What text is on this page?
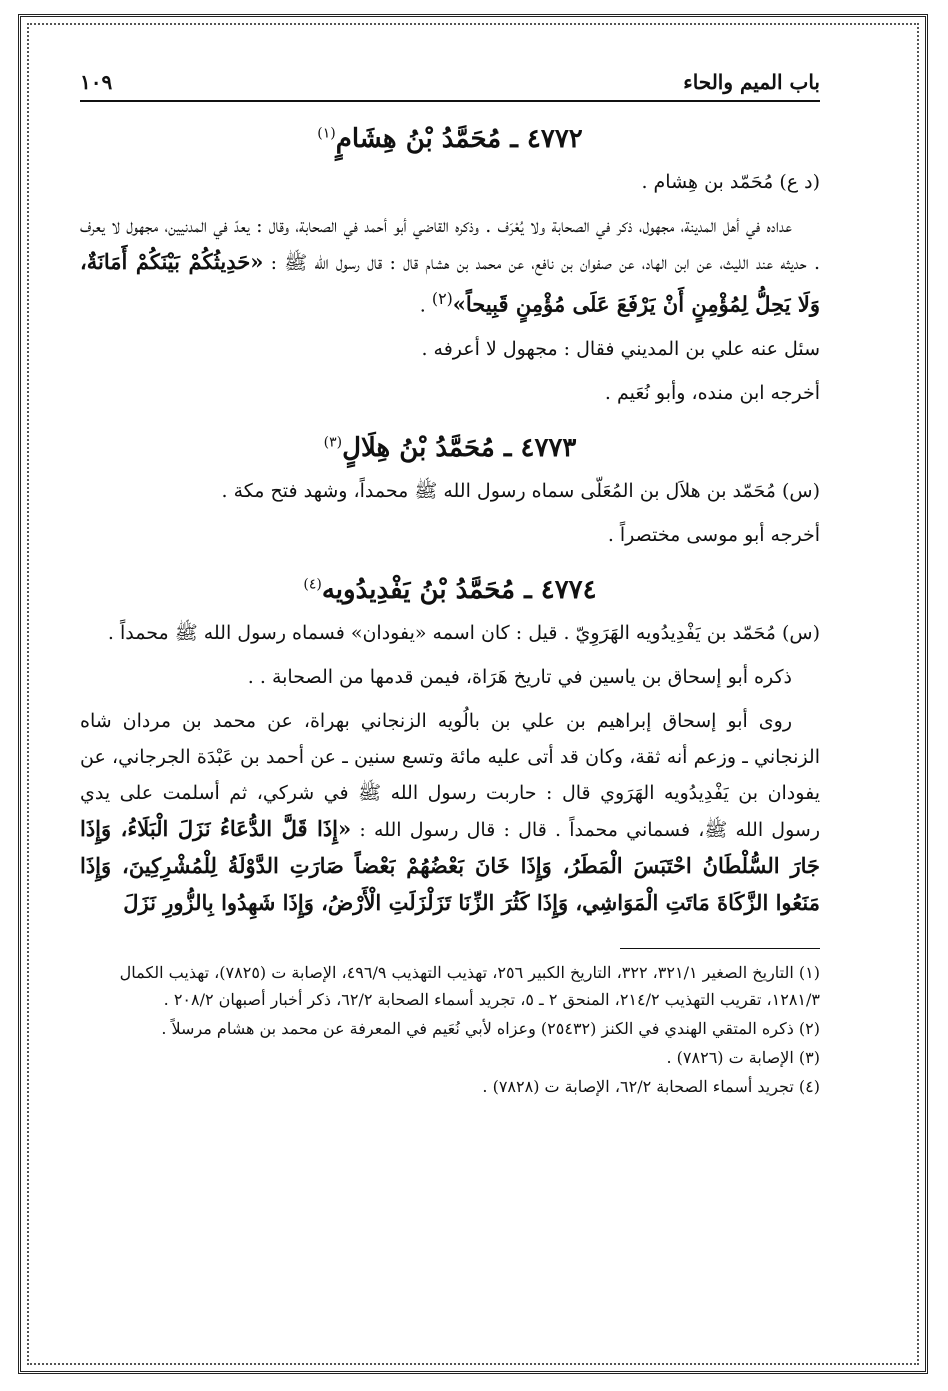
باب الميم والحاء
١٠٩
٤٧٧٢ ـ مُحَمَّدُ بْنُ هِشَامٍ$^{(١)}$

(د ع) مُحَمّد بن هِشام .

عداده في أهل المدينة، مجهول، ذكر في الصحابة ولا يُعْرَف . وذكره القاضي أبو أحمد في الصحابة، وقال : يعدّ في المدنيين، مجهول لا يعرف . حديثه عند الليث، عن ابن الهاد، عن صفوان بن نافع، عن محمد بن هشام قال : قال رسول الله ﷺ : «حَدِيثُكُمْ بَيْنَكُمْ أَمَانَةٌ، وَلَا يَحِلُّ لِمُؤْمِنٍ أَنْ يَرْفَعَ عَلَى مُؤْمِنٍ قَبِيحاً»$^{(٢)}$ .

سئل عنه علي بن المديني فقال : مجهول لا أعرفه .

أخرجه ابن منده، وأبو نُعَيم .

٤٧٧٣ ـ مُحَمَّدُ بْنُ هِلَالٍ$^{(٣)}$

(س) مُحَمّد بن هلاَل بن المُعَلّى سماه رسول الله ﷺ محمداً، وشهد فتح مكة .

أخرجه أبو موسى مختصراً .

٤٧٧٤ ـ مُحَمَّدُ بْنُ يَفْدِيدُويه$^{(٤)}$

(س) مُحَمّد بن يَفْدِيدُويه الهَرَوِيّ . قيل : كان اسمه «يفودان» فسماه رسول الله ﷺ محمداً .

ذكره أبو إسحاق بن ياسين في تاريخ هَرَاة، فيمن قدمها من الصحابة . .

روى أبو إسحاق إبراهيم بن علي بن بالُويه الزنجاني بهراة، عن محمد بن مردان شاه الزنجاني ـ وزعم أنه ثقة، وكان قد أتى عليه مائة وتسع سنين ـ عن أحمد بن عَبْدَة الجرجاني، عن يفودان بن يَفْدِيدُويه الهَرَوي قال : حاربت رسول الله ﷺ في شركي، ثم أسلمت على يدي رسول الله ﷺ، فسماني محمداً . قال : قال رسول الله : «إِذَا قَلَّ الدُّعَاءُ نَزَلَ الْبَلَاءُ، وَإِذَا جَارَ السُّلْطَانُ احْتَبَسَ الْمَطَرُ، وَإِذَا خَانَ بَعْضُهُمْ بَعْضاً صَارَتِ الدَّوْلَةُ لِلْمُشْرِكِينَ، وَإِذَا مَنَعُوا الزَّكَاةَ مَاتَتِ الْمَوَاشِي، وَإِذَا كَثُرَ الزِّنَا تَزَلْزَلَتِ الْأَرْضُ، وَإِذَا شَهِدُوا بِالزُّورِ نَزَلَ

(١) التاريخ الصغير ٣٢١/١، ٣٢٢، التاريخ الكبير ٢٥٦، تهذيب التهذيب ٤٩٦/٩، الإصابة ت (٧٨٢٥)، تهذيب الكمال ١٢٨١/٣، تقريب التهذيب ٢١٤/٢، المنحق ٢ ـ ٥، تجريد أسماء الصحابة ٦٢/٢، ذكر أخبار أصبهان ٢٠٨/٢ .

(٢) ذكره المتقي الهندي في الكنز (٢٥٤٣٢) وعزاه لأبي نُعَيم في المعرفة عن محمد بن هشام مرسلاً .

(٣) الإصابة ت (٧٨٢٦) .

(٤) تجريد أسماء الصحابة ٦٢/٢، الإصابة ت (٧٨٢٨) .
